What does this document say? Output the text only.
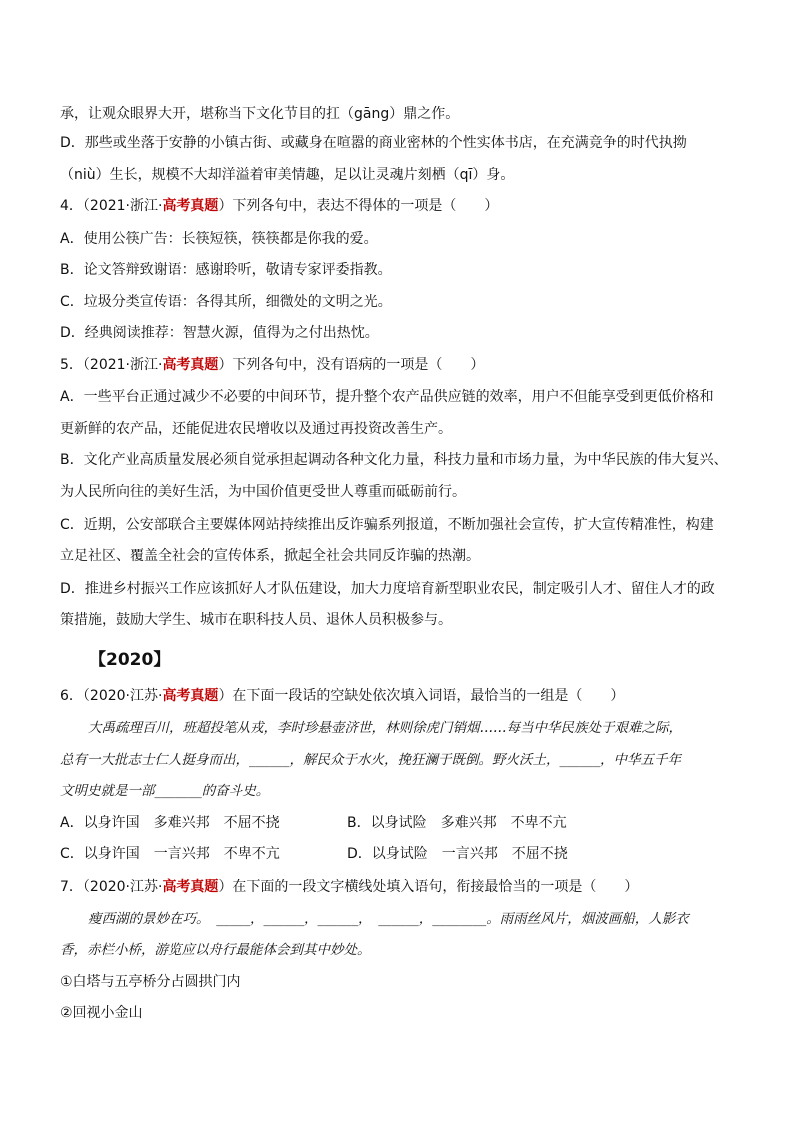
承，让观众眼界大开，堪称当下文化节目的扛（gāng）鼎之作。
D．那些或坐落于安静的小镇古街、或藏身在喧嚣的商业密林的个性实体书店，在充满竞争的时代执拗
（niù）生长，规模不大却洋溢着审美情趣，足以让灵魂片刻栖（qī）身。
4．（2021·浙江·高考真题）下列各句中，表达不得体的一项是（　　）
A．使用公筷广告：长筷短筷，筷筷都是你我的爱。
B．论文答辩致谢语：感谢聆听，敬请专家评委指教。
C．垃圾分类宣传语：各得其所，细微处的文明之光。
D．经典阅读推荐：智慧火源，值得为之付出热忱。
5．（2021·浙江·高考真题）下列各句中，没有语病的一项是（　　）
A．一些平台正通过减少不必要的中间环节，提升整个农产品供应链的效率，用户不但能享受到更低价格和
更新鲜的农产品，还能促进农民增收以及通过再投资改善生产。
B．文化产业高质量发展必须自觉承担起调动各种文化力量，科技力量和市场力量，为中华民族的伟大复兴、
为人民所向往的美好生活，为中国价值更受世人尊重而砥砺前行。
C．近期，公安部联合主要媒体网站持续推出反诈骗系列报道，不断加强社会宣传，扩大宣传精准性，构建
立足社区、覆盖全社会的宣传体系，掀起全社会共同反诈骗的热潮。
D．推进乡村振兴工作应该抓好人才队伍建设，加大力度培育新型职业农民，制定吸引人才、留住人才的政
策措施，鼓励大学生、城市在职科技人员、退休人员积极参与。
【2020】
6．（2020·江苏·高考真题）在下面一段话的空缺处依次填入词语，最恰当的一组是（　　）
大禹疏理百川，班超投笔从戎，李时珍悬壶济世，林则徐虎门销烟……每当中华民族处于艰难之际，
总有一大批志士仁人挺身而出，______，解民众于水火，挽狂澜于既倒。野火沃土，______，中华五千年
文明史就是一部_______的奋斗史。
A．以身许国　多难兴邦　不屈不挠	B．以身试险　多难兴邦　不卑不亢
C．以身许国　一言兴邦　不卑不亢	D．以身试险　一言兴邦　不屈不挠
7．（2020·江苏·高考真题）在下面的一段文字横线处填入语句，衔接最恰当的一项是（　　）
瘦西湖的景妙在巧。　_____，______，______，　______，________。雨雨丝风片，烟波画船，人影衣
香，赤栏小桥，游览应以舟行最能体会到其中妙处。
①白塔与五亭桥分占圆拱门内
②回视小金山
